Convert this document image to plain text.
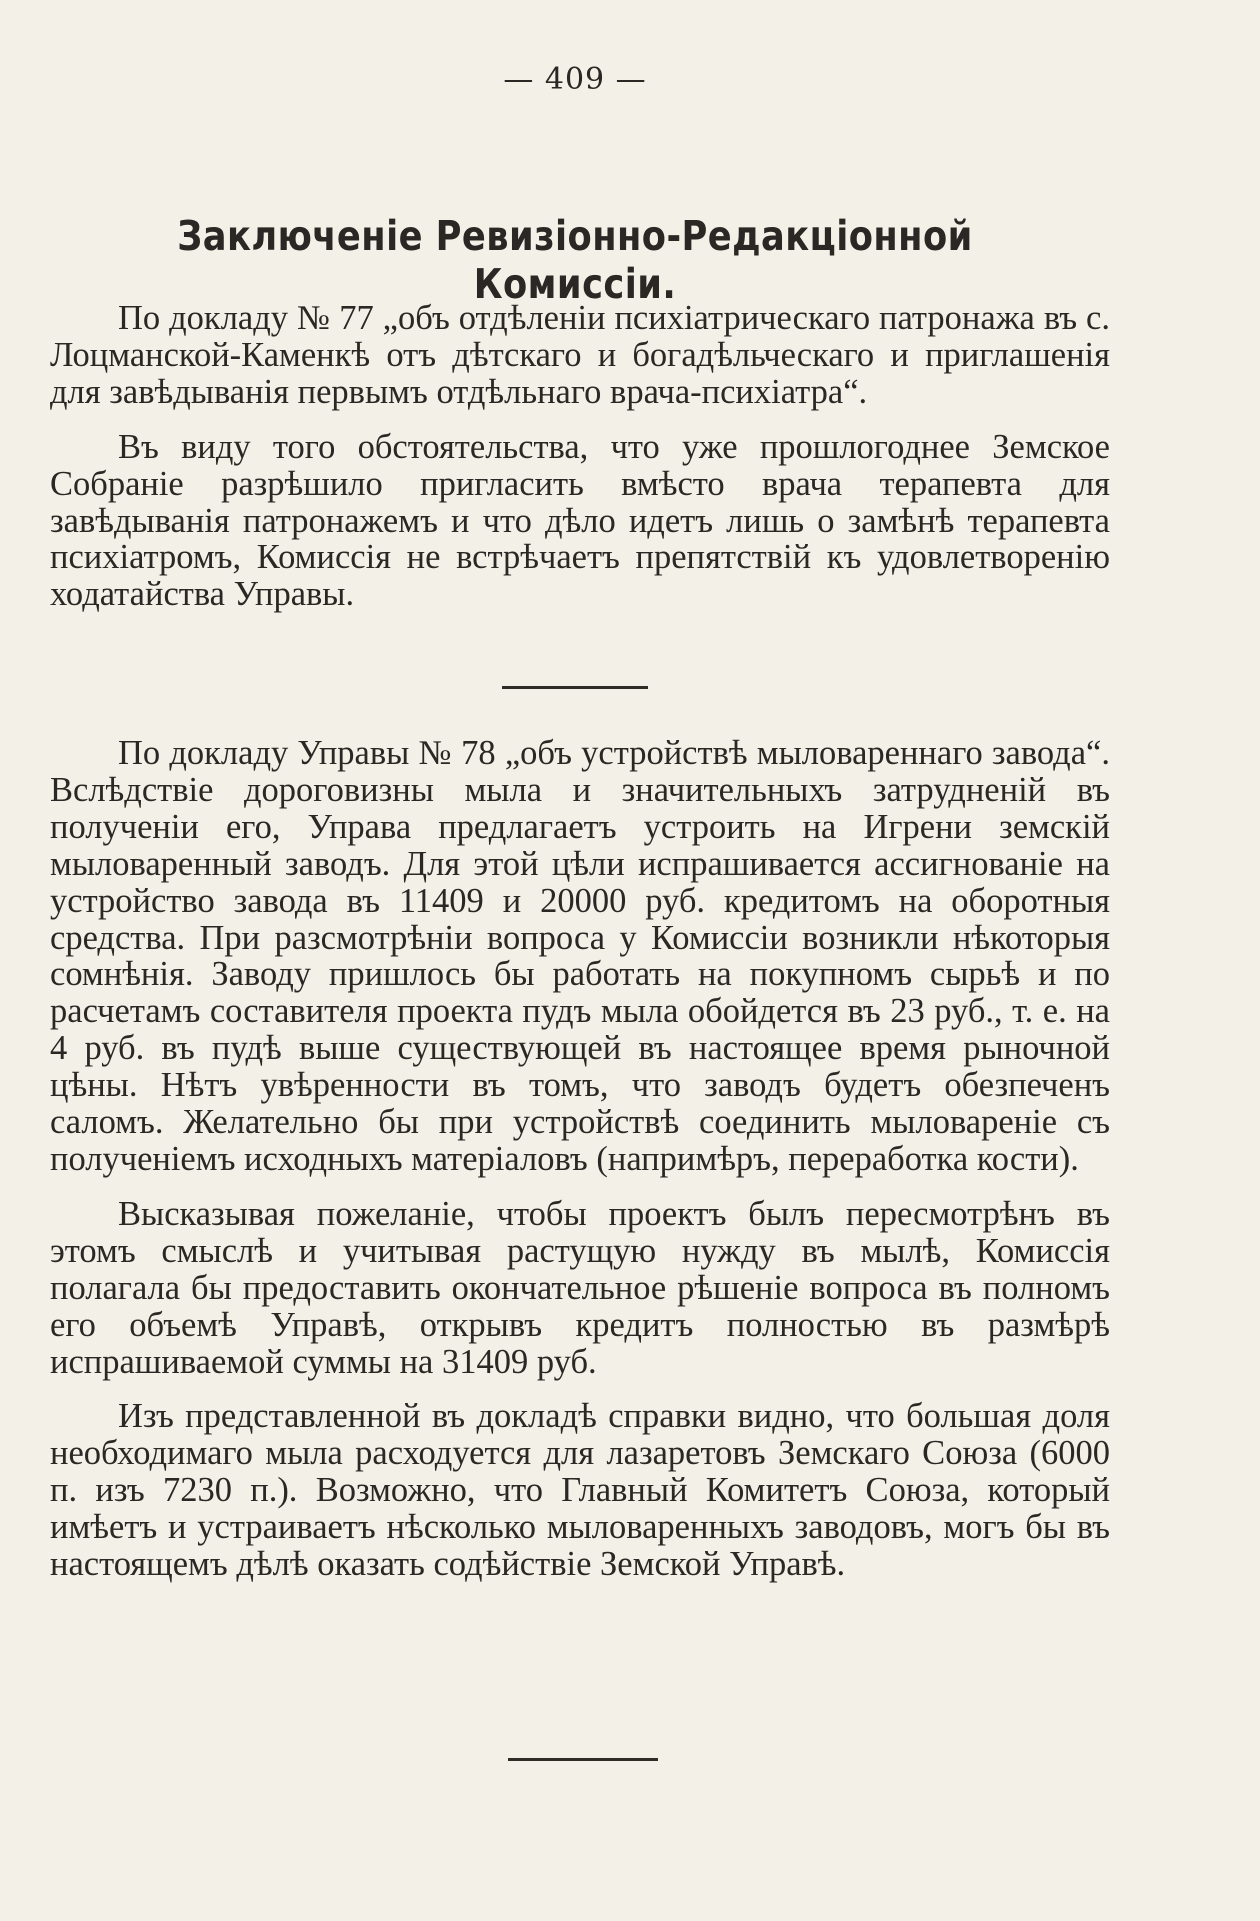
— 409 —
Заключеніе Ревизіонно-Редакціонной Комиссіи.

По докладу № 77 „объ отдѣленіи психіатрическаго патронажа въ с. Лоцманской-Каменкѣ отъ дѣтскаго и богадѣльческаго и приглашенія для завѣдыванія первымъ отдѣльнаго врача-психіатра“.

Въ виду того обстоятельства, что уже прошлогоднее Земское Собраніе разрѣшило пригласить вмѣсто врача терапевта для завѣдыванія патронажемъ и что дѣло идетъ лишь о замѣнѣ терапевта психіатромъ, Комиссія не встрѣчаетъ препятствій къ удовлетворенію ходатайства Управы.

По докладу Управы № 78 „объ устройствѣ мыловареннаго завода“. Вслѣдствіе дороговизны мыла и значительныхъ затрудненій въ полученіи его, Управа предлагаетъ устроить на Игрени земскій мыловаренный заводъ. Для этой цѣли испрашивается ассигнованіе на устройство завода въ 11409 и 20000 руб. кредитомъ на оборотныя средства. При разсмотрѣніи вопроса у Комиссіи возникли нѣкоторыя сомнѣнія. Заводу пришлось бы работать на покупномъ сырьѣ и по расчетамъ составителя проекта пудъ мыла обойдется въ 23 руб., т. е. на 4 руб. въ пудѣ выше существующей въ настоящее время рыночной цѣны. Нѣтъ увѣренности въ томъ, что заводъ будетъ обезпеченъ саломъ. Желательно бы при устройствѣ соединить мыловареніе съ полученіемъ исходныхъ матеріаловъ (напримѣръ, переработка кости).

Высказывая пожеланіе, чтобы проектъ былъ пересмотрѣнъ въ этомъ смыслѣ и учитывая растущую нужду въ мылѣ, Комиссія полагала бы предоставить окончательное рѣшеніе вопроса въ полномъ его объемѣ Управѣ, открывъ кредитъ полностью въ размѣрѣ испрашиваемой суммы на 31409 руб.

Изъ представленной въ докладѣ справки видно, что большая доля необходимаго мыла расходуется для лазаретовъ Земскаго Союза (6000 п. изъ 7230 п.). Возможно, что Главный Комитетъ Союза, который имѣетъ и устраиваетъ нѣсколько мыловаренныхъ заводовъ, могъ бы въ настоящемъ дѣлѣ оказать содѣйствіе Земской Управѣ.
